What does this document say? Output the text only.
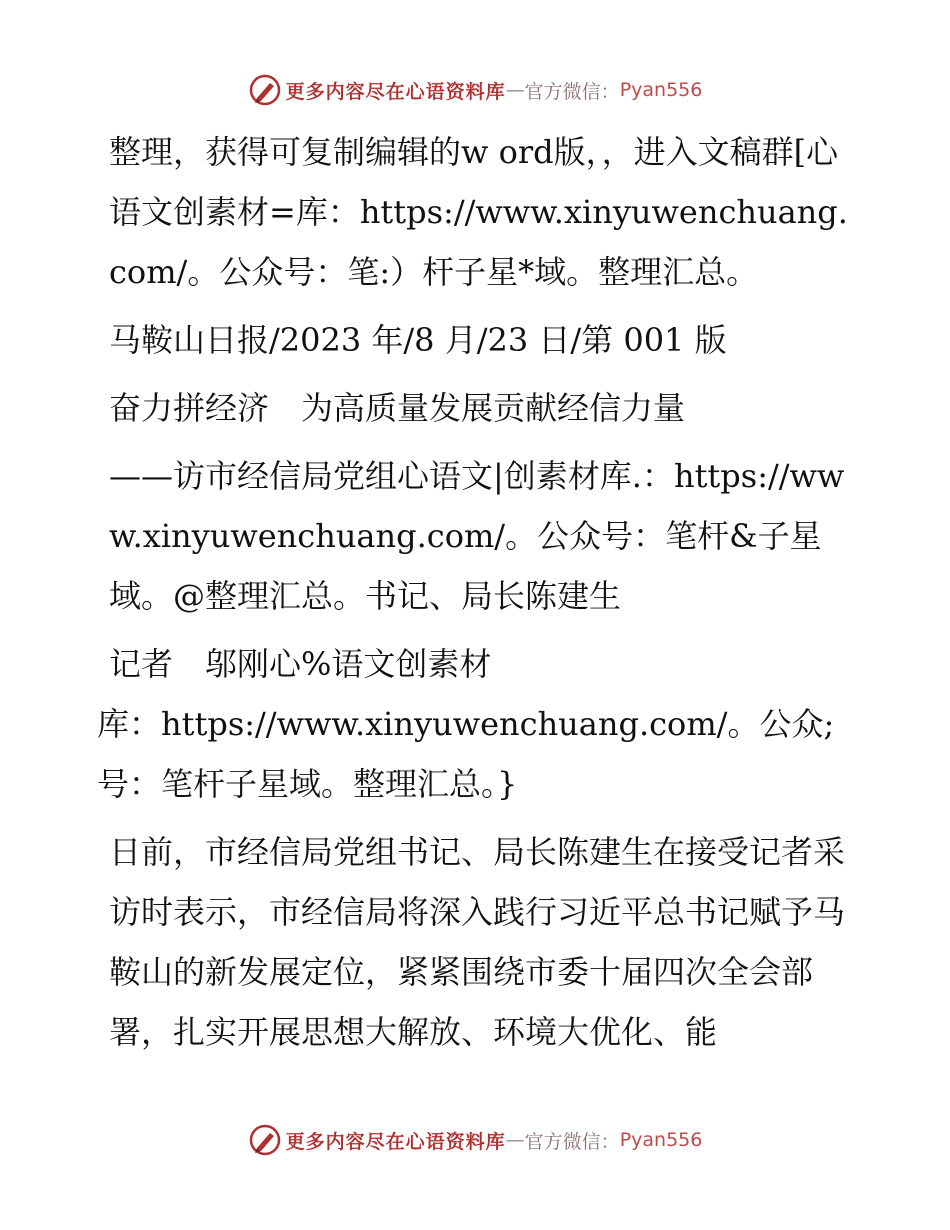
更多内容尽在心语资料库 — 官方微信： Pyan556

整理，获得可复制编辑的w ord版，，进入文稿群[心语文创素材=库：https://www.xinyuwenchuang.com/。公众号：笔:）杆子星*域。整理汇总。

马鞍山日报/2023 年/8 月/23 日/第 001 版

奋力拼经济　为高质量发展贡献经信力量

——访市经信局党组心语文|创素材库.：https://www.xinyuwenchuang.com/。公众号：笔杆&子星域。@整理汇总。书记、局长陈建生

记者　邬刚心%语文创素材

库：https://www.xinyuwenchuang.com/。公众;号：笔杆子星域。整理汇总。}

日前，市经信局党组书记、局长陈建生在接受记者采访时表示，市经信局将深入践行习近平总书记赋予马鞍山的新发展定位，紧紧围绕市委十届四次全会部署，扎实开展思想大解放、环境大优化、能

更多内容尽在心语资料库 — 官方微信： Pyan556
